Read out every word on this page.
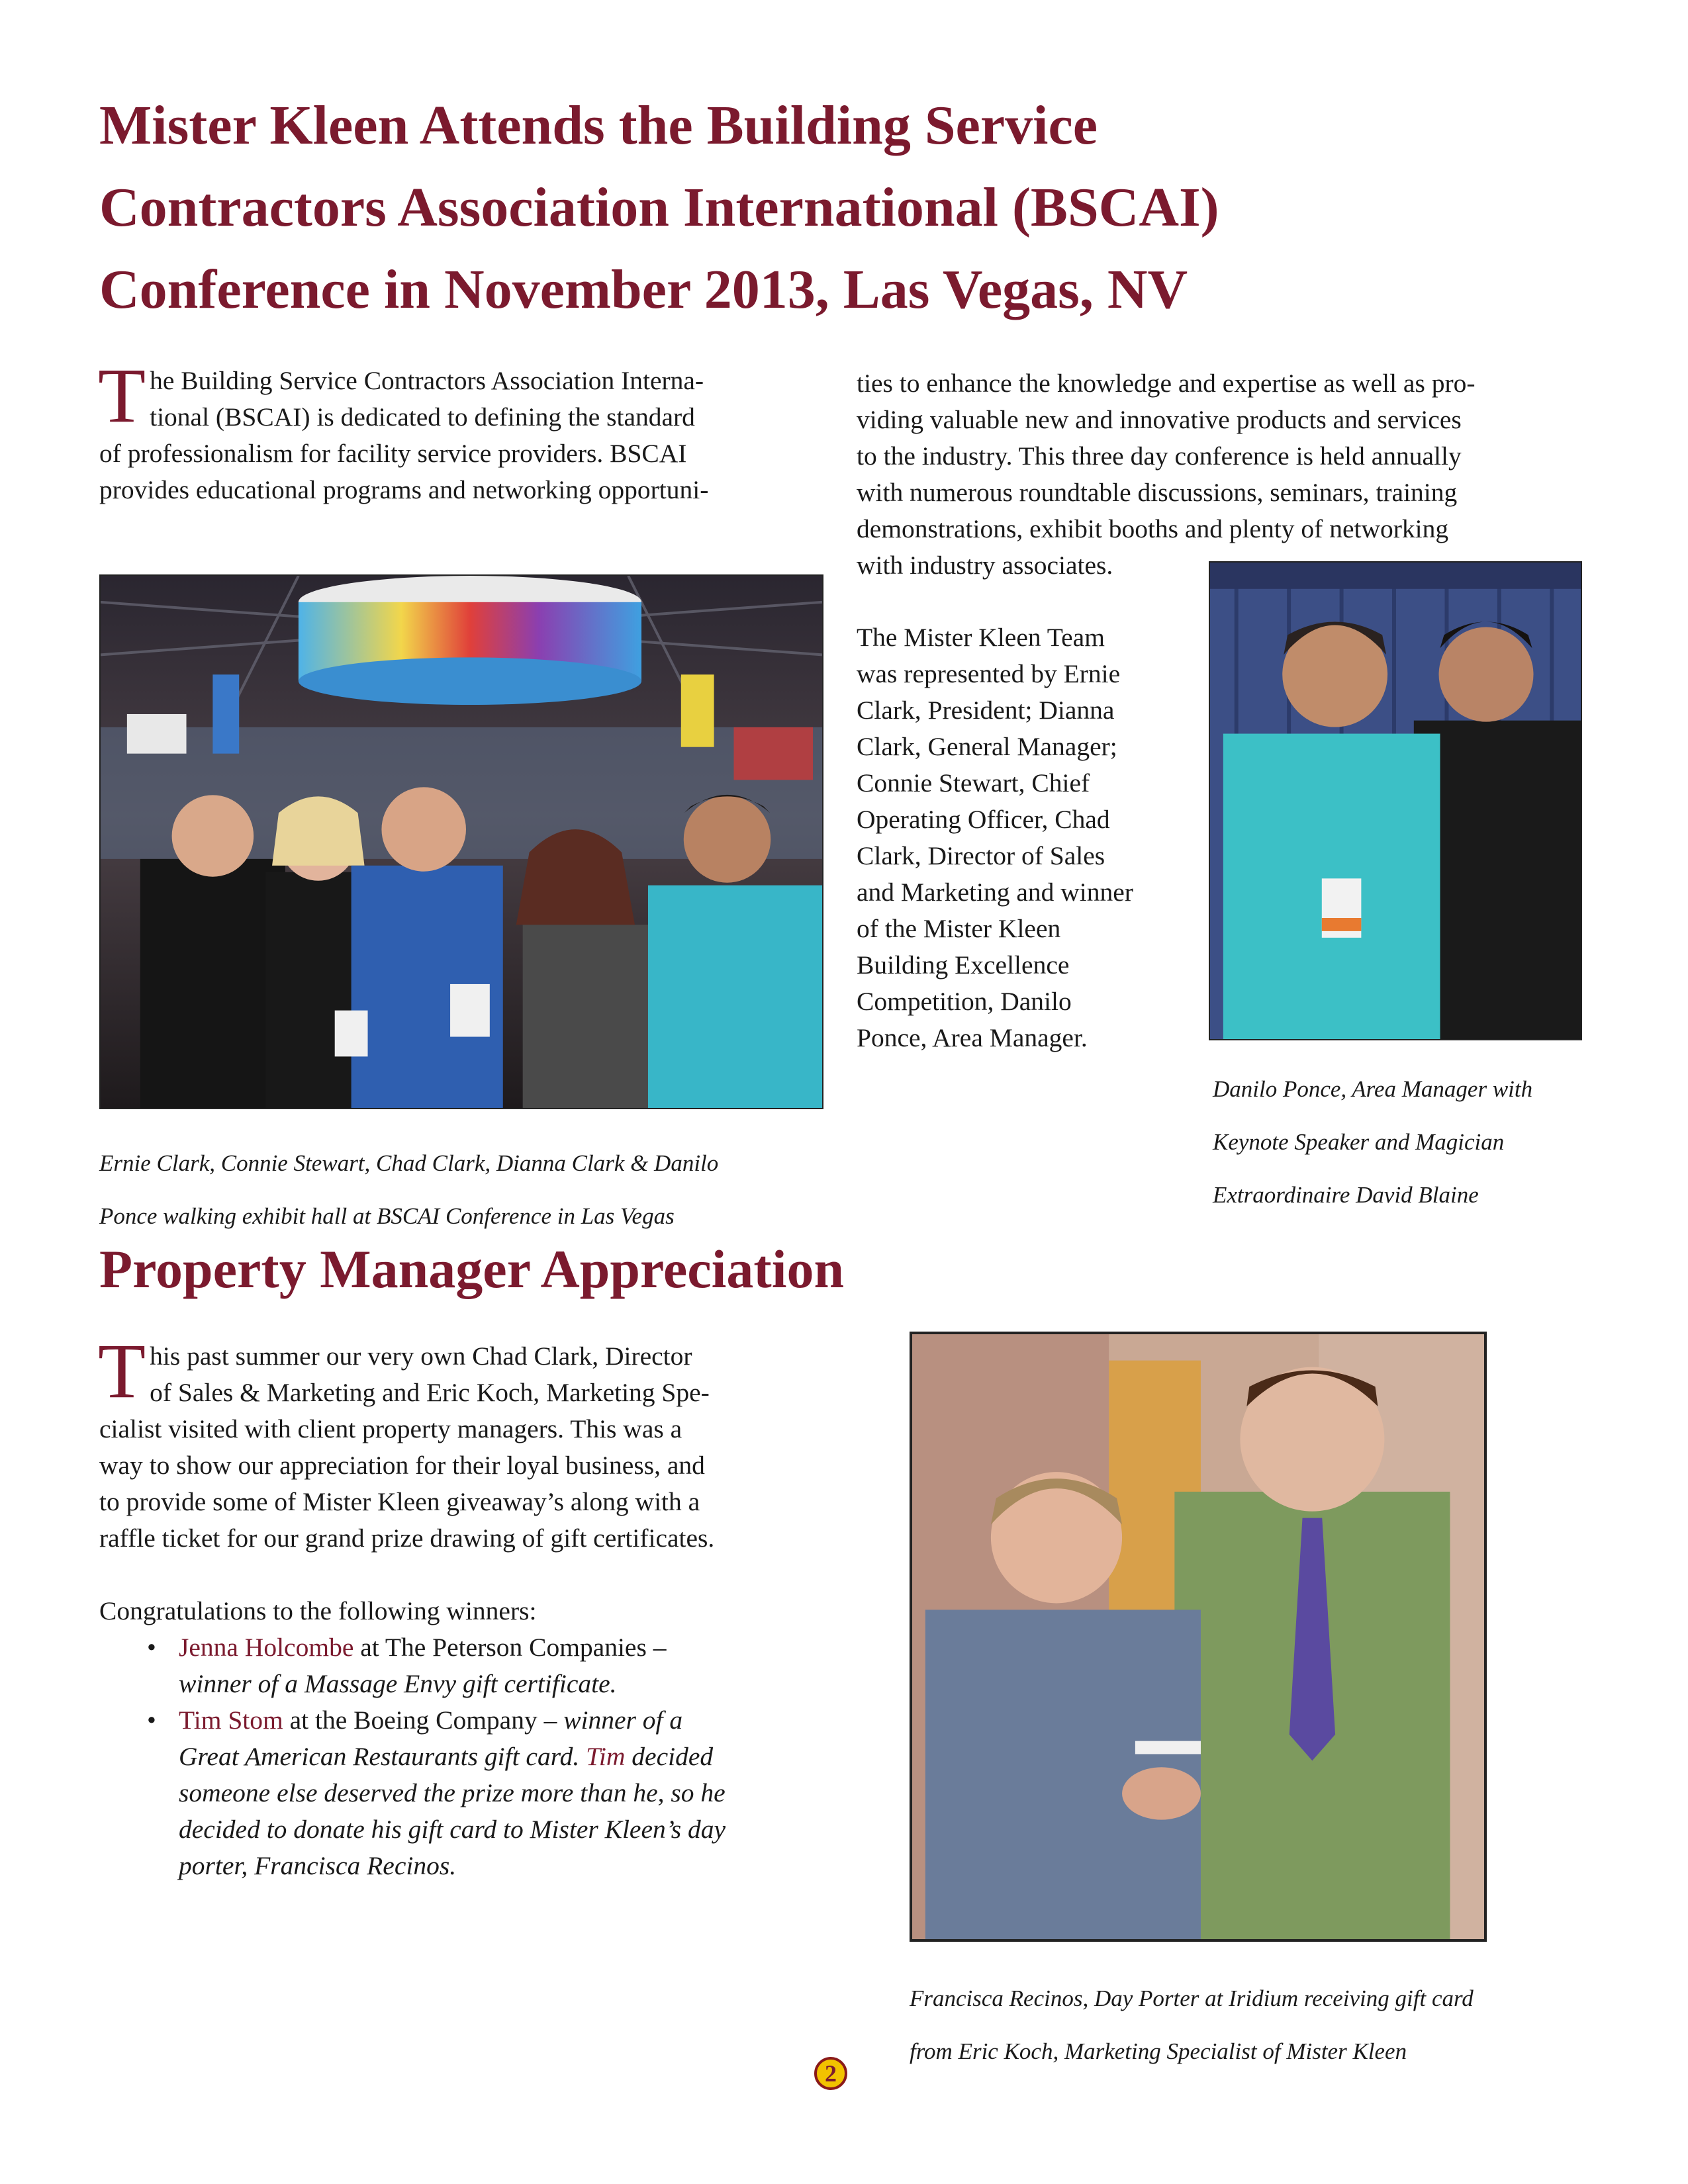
Mister Kleen Attends the Building Service
Contractors Association International (BSCAI)
Conference in November 2013, Las Vegas, NV
T he Building Service Contractors Association Interna-

tional (BSCAI) is dedicated to defining the standard

of professionalism for facility service providers. BSCAI

provides educational programs and networking opportuni-

ties to enhance the knowledge and expertise as well as pro-

viding valuable new and innovative products and services

to the industry. This three day conference is held annually

with numerous roundtable discussions, seminars, training

demonstrations, exhibit booths and plenty of networking

with industry associates.

The Mister Kleen Team

was represented by Ernie

Clark, President; Dianna

Clark, General Manager;

Connie Stewart, Chief

Operating Officer, Chad

Clark, Director of Sales

and Marketing and winner

of the Mister Kleen

Building Excellence

Competition, Danilo

Ponce, Area Manager.

Ernie Clark, Connie Stewart, Chad Clark, Dianna Clark & Danilo

Ponce walking exhibit hall at BSCAI Conference in Las Vegas

Danilo Ponce, Area Manager with

Keynote Speaker and Magician

Extraordinaire David Blaine

Property Manager Appreciation
T his past summer our very own Chad Clark, Director

of Sales & Marketing and Eric Koch, Marketing Spe-

cialist visited with client property managers. This was a

way to show our appreciation for their loyal business, and

to provide some of Mister Kleen giveaway’s along with a

raffle ticket for our grand prize drawing of gift certificates.

Congratulations to the following winners:

• Jenna Holcombe at The Peterson Companies –
winner of a Massage Envy gift certificate.
• Tim Stom at the Boeing Company – winner of a
Great American Restaurants gift card. Tim decided
someone else deserved the prize more than he, so he
decided to donate his gift card to Mister Kleen’s day
porter, Francisca Recinos.

Francisca Recinos, Day Porter at Iridium receiving gift card

from Eric Koch, Marketing Specialist of Mister Kleen

2
